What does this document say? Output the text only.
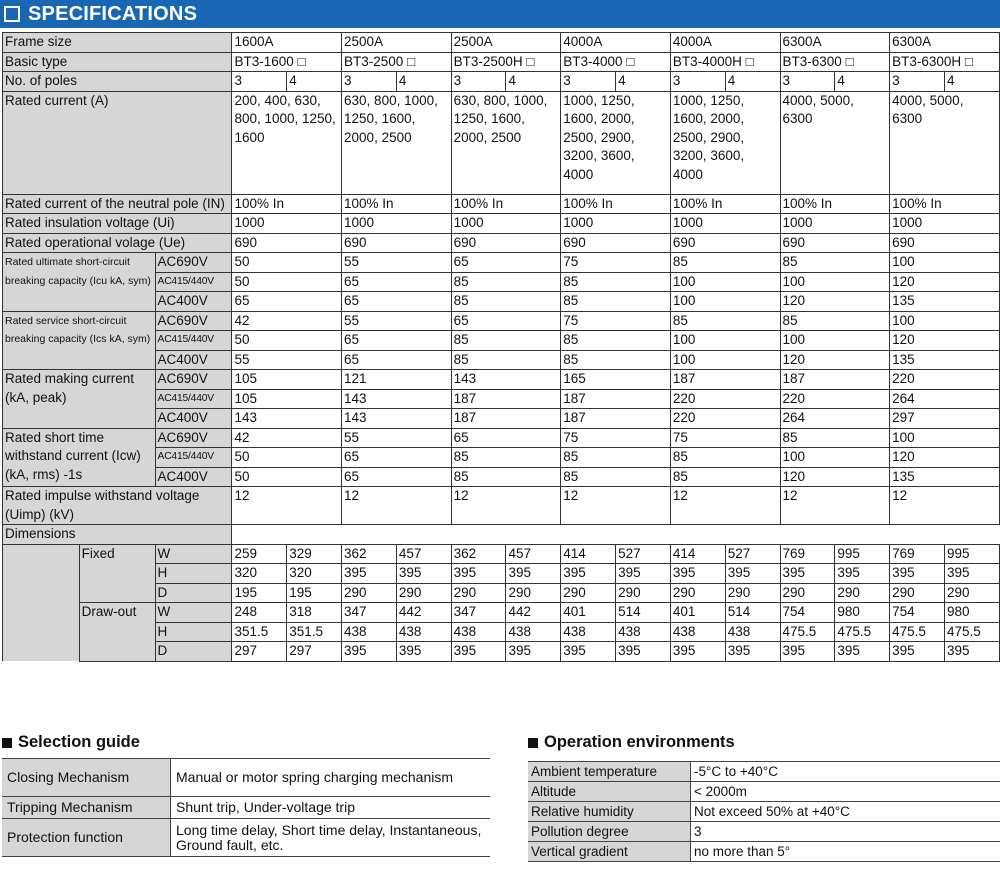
SPECIFICATIONS
Frame size			1600A		2500A		2500A		4000A		4000A		6300A		6300A	
Basic type			BT3-1600 □		BT3-2500 □		BT3-2500H □		BT3-4000 □		BT3-4000H □		BT3-6300 □		BT3-6300H □	
No. of poles			3	4	3	4	3	4	3	4	3	4	3	4	3	4
Rated current (A)			200, 400, 630, 800, 1000, 1250, 1600		630, 800, 1000, 1250, 1600, 2000, 2500		630, 800, 1000, 1250, 1600, 2000, 2500		1000, 1250, 1600, 2000, 2500, 2900, 3200, 3600, 4000		1000, 1250, 1600, 2000, 2500, 2900, 3200, 3600, 4000		4000, 5000, 6300		4000, 5000, 6300	
Rated current of the neutral pole (IN)			100% In		100% In		100% In		100% In		100% In		100% In		100% In	
Rated insulation voltage (Ui)			1000		1000		1000		1000		1000		1000		1000	
Rated operational volage (Ue)			690		690		690		690		690		690		690	
Rated ultimate short-circuit breaking capacity (Icu kA, sym)		AC690V	50		55		65		75		85		85		100	
		AC415/440V	50		65		85		85		100		100		120	
		AC400V	65		65		85		85		100		120		135	
Rated service short-circuit breaking capacity (Ics kA, sym)		AC690V	42		55		65		75		85		85		100	
		AC415/440V	50		65		85		85		100		100		120	
		AC400V	55		65		85		85		100		120		135	
Rated making current (kA, peak)		AC690V	105		121		143		165		187		187		220	
		AC415/440V	105		143		187		187		220		220		264	
		AC400V	143		143		187		187		220		264		297	
Rated short time withstand current (Icw) (kA, rms) -1s		AC690V	42		55		65		75		75		85		100	
		AC415/440V	50		65		85		85		85		100		120	
		AC400V	50		65		85		85		85		120		135	
Rated impulse withstand voltage (Uimp) (kV)			12		12		12		12		12		12		12	
Dimensions																
	Fixed	W	259	329	362	457	362	457	414	527	414	527	769	995	769	995
		H	320	320	395	395	395	395	395	395	395	395	395	395	395	395
		D	195	195	290	290	290	290	290	290	290	290	290	290	290	290
	Draw-out	W	248	318	347	442	347	442	401	514	401	514	754	980	754	980
		H	351.5	351.5	438	438	438	438	438	438	438	438	475.5	475.5	475.5	475.5
		D	297	297	395	395	395	395	395	395	395	395	395	395	395	395
Selection guide
Closing Mechanism	Manual or motor spring charging mechanism
Tripping Mechanism	Shunt trip, Under-voltage trip
Protection function	Long time delay, Short time delay, Instantaneous, Ground fault, etc.
Operation environments
Ambient temperature	-5°C to +40°C
Altitude	< 2000m
Relative humidity	Not exceed 50% at +40°C
Pollution degree	3
Vertical gradient	no more than 5°
